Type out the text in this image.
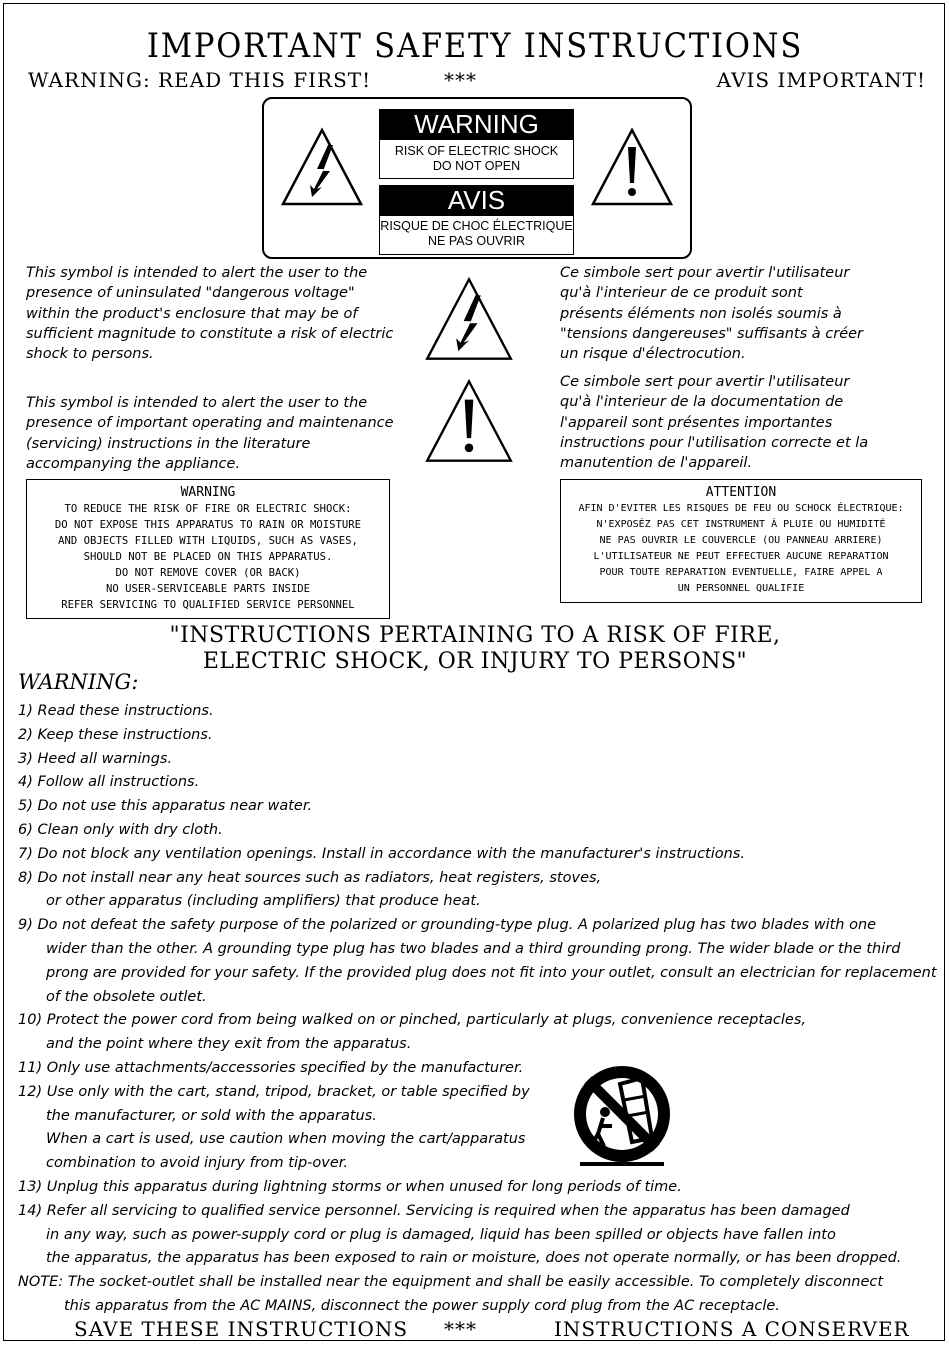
IMPORTANT SAFETY INSTRUCTIONS
WARNING: READ THIS FIRST!	***	AVIS IMPORTANT!
WARNING
RISK OF ELECTRIC SHOCK
DO NOT OPEN
AVIS
RISQUE DE CHOC ÉLECTRIQUE
NE PAS OUVRIR
This symbol is intended to alert the user to the
presence of uninsulated "dangerous voltage"
within the product's enclosure that may be of
sufficient magnitude to constitute a risk of electric
shock to persons.
Ce simbole sert pour avertir l'utilisateur
qu'à l'interieur de ce produit sont
présents éléments non isolés soumis à
"tensions dangereuses" suffisants à créer
un risque d'électrocution.
This symbol is intended to alert the user to the
presence of important operating and maintenance
(servicing) instructions in the literature
accompanying the appliance.
Ce simbole sert pour avertir l'utilisateur
qu'à l'interieur de la documentation de
l'appareil sont présentes importantes
instructions pour l'utilisation correcte et la
manutention de l'appareil.
WARNING
TO REDUCE THE RISK OF FIRE OR ELECTRIC SHOCK:
DO NOT EXPOSE THIS APPARATUS TO RAIN OR MOISTURE
AND OBJECTS FILLED WITH LIQUIDS, SUCH AS VASES,
SHOULD NOT BE PLACED ON THIS APPARATUS.
DO NOT REMOVE COVER (OR BACK)
NO USER-SERVICEABLE PARTS INSIDE
REFER SERVICING TO QUALIFIED SERVICE PERSONNEL
ATTENTION
AFIN D'EVITER LES RISQUES DE FEU OU SCHOCK ÉLECTRIQUE:
N'EXPOSÉZ PAS CET INSTRUMENT À PLUIE OU HUMIDITÉ
NE PAS OUVRIR LE COUVERCLE (OU PANNEAU ARRIERE)
L'UTILISATEUR NE PEUT EFFECTUER AUCUNE REPARATION
POUR TOUTE REPARATION EVENTUELLE, FAIRE APPEL A
UN PERSONNEL QUALIFIE
"INSTRUCTIONS PERTAINING TO A RISK OF FIRE,
ELECTRIC SHOCK, OR INJURY TO PERSONS"
WARNING:
1) Read these instructions.
2) Keep these instructions.
3) Heed all warnings.
4) Follow all instructions.
5) Do not use this apparatus near water.
6) Clean only with dry cloth.
7) Do not block any ventilation openings. Install in accordance with the manufacturer's instructions.
8) Do not install near any heat sources such as radiators, heat registers, stoves,
or other apparatus (including amplifiers) that produce heat.
9) Do not defeat the safety purpose of the polarized or grounding-type plug. A polarized plug has two blades with one
wider than the other. A grounding type plug has two blades and a third grounding prong. The wider blade or the third
prong are provided for your safety. If the provided plug does not fit into your outlet, consult an electrician for replacement
of the obsolete outlet.
10) Protect the power cord from being walked on or pinched, particularly at plugs, convenience receptacles,
and the point where they exit from the apparatus.
11) Only use attachments/accessories specified by the manufacturer.
12) Use only with the cart, stand, tripod, bracket, or table specified by
the manufacturer, or sold with the apparatus.
When a cart is used, use caution when moving the cart/apparatus
combination to avoid injury from tip-over.
13) Unplug this apparatus during lightning storms or when unused for long periods of time.
14) Refer all servicing to qualified service personnel. Servicing is required when the apparatus has been damaged
in any way, such as power-supply cord or plug is damaged, liquid has been spilled or objects have fallen into
the apparatus, the apparatus has been exposed to rain or moisture, does not operate normally, or has been dropped.
NOTE: The socket-outlet shall be installed near the equipment and shall be easily accessible. To completely disconnect
this apparatus from the AC MAINS, disconnect the power supply cord plug from the AC receptacle.
SAVE THESE INSTRUCTIONS ***	INSTRUCTIONS A CONSERVER
